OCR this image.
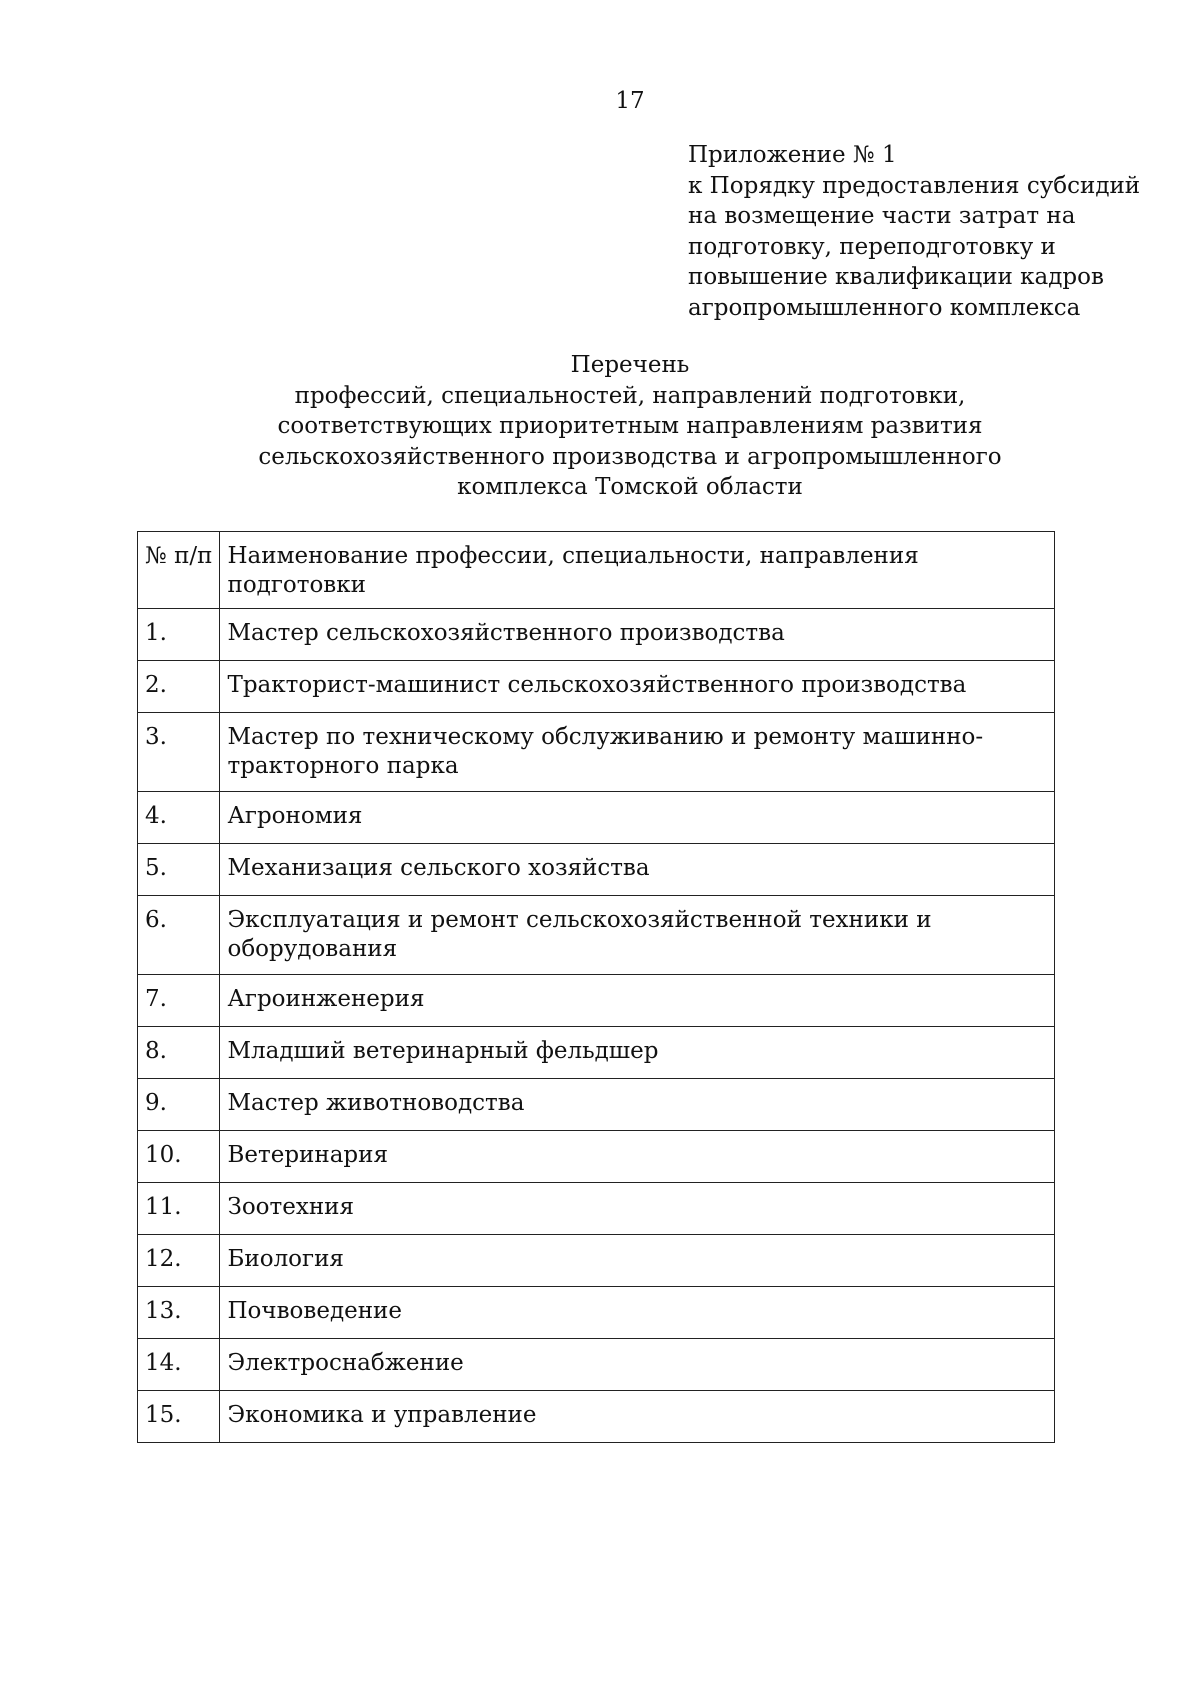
17
Приложение № 1
к Порядку предоставления субсидий
на возмещение части затрат на
подготовку, переподготовку и
повышение квалификации кадров
агропромышленного комплекса
Перечень
профессий, специальностей, направлений подготовки,
соответствующих приоритетным направлениям развития
сельскохозяйственного производства и агропромышленного
комплекса Томской области
№ п/п	Наименование профессии, специальности, направления подготовки
1.	Мастер сельскохозяйственного производства
2.	Тракторист-машинист сельскохозяйственного производства
3.	Мастер по техническому обслуживанию и ремонту машинно-тракторного парка
4.	Агрономия
5.	Механизация сельского хозяйства
6.	Эксплуатация и ремонт сельскохозяйственной техники и оборудования
7.	Агроинженерия
8.	Младший ветеринарный фельдшер
9.	Мастер животноводства
10.	Ветеринария
11.	Зоотехния
12.	Биология
13.	Почвоведение
14.	Электроснабжение
15.	Экономика и управление
